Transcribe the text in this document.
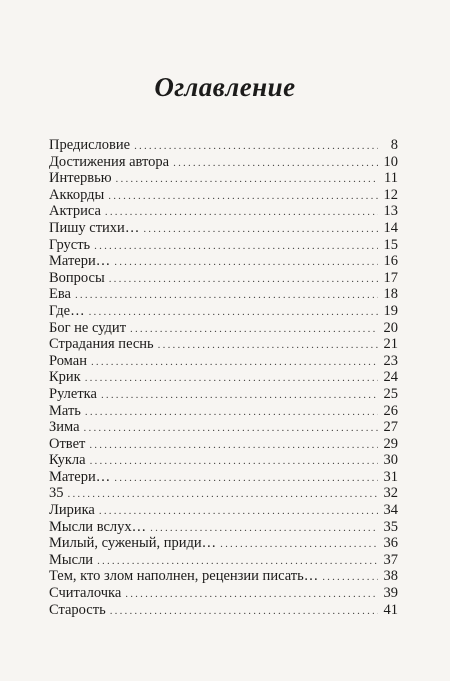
Оглавление
Предисловие .....	8
Достижения автора .....	10
Интервью .....	11
Аккорды .....	12
Актриса .....	13
Пишу стихи… .....	14
Грусть .....	15
Матери… .....	16
Вопросы .....	17
Ева .....	18
Где… .....	19
Бог не судит .....	20
Страдания песнь .....	21
Роман .....	23
Крик .....	24
Рулетка .....	25
Мать .....	26
Зима .....	27
Ответ .....	29
Кукла .....	30
Матери… .....	31
35 .....	32
Лирика .....	34
Мысли вслух… .....	35
Милый, суженый, приди… .....	36
Мысли .....	37
Тем, кто злом наполнен, рецензии писать… .....	38
Считалочка .....	39
Старость .....	41
